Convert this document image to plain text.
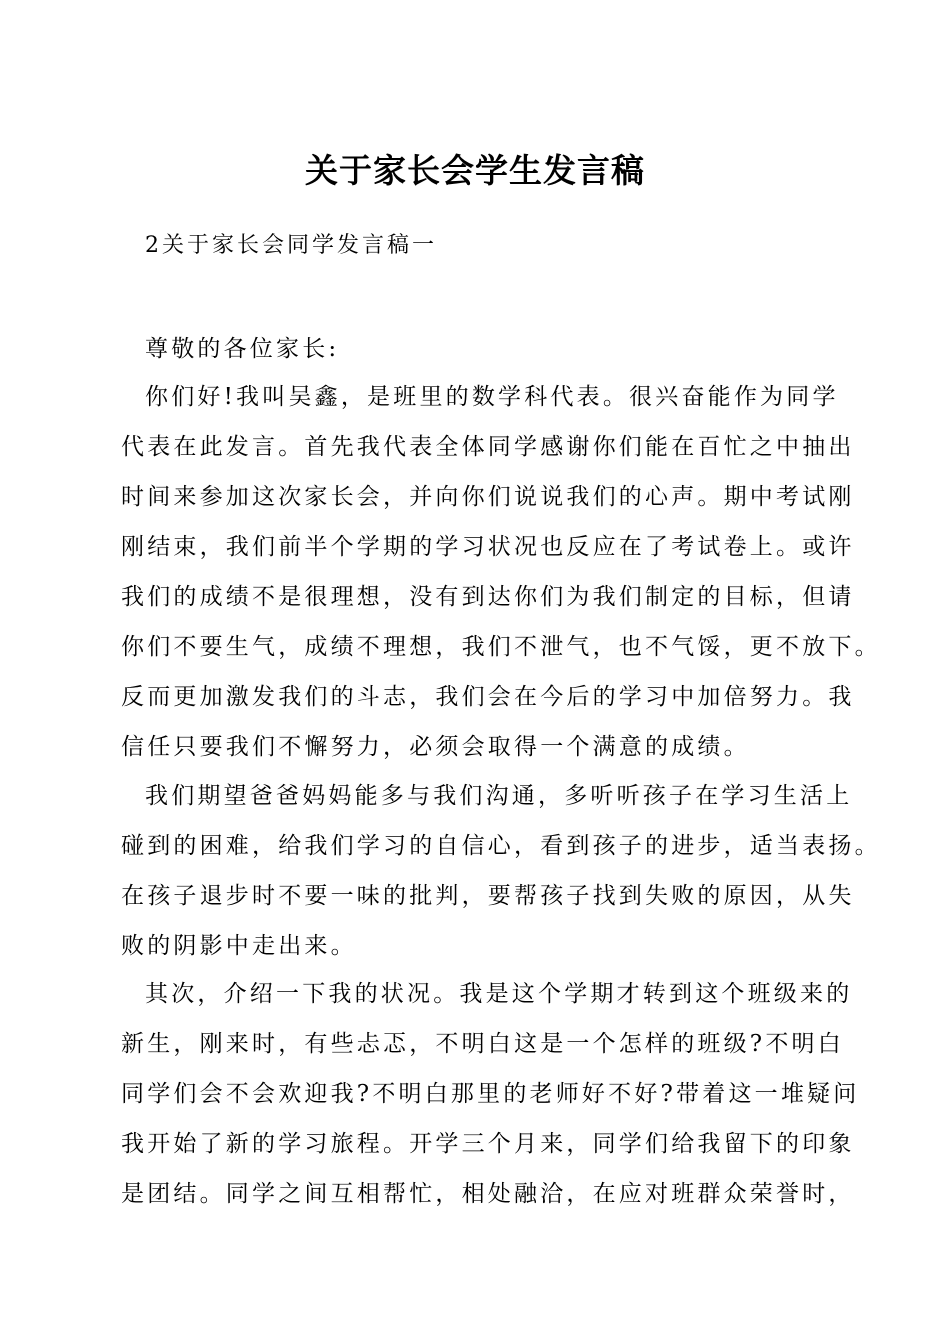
关于家长会学生发言稿
2关于家长会同学发言稿一
尊敬的各位家长:
你们好!我叫吴鑫，是班里的数学科代表。很兴奋能作为同学
代表在此发言。首先我代表全体同学感谢你们能在百忙之中抽出
时间来参加这次家长会，并向你们说说我们的心声。期中考试刚
刚结束，我们前半个学期的学习状况也反应在了考试卷上。或许
我们的成绩不是很理想，没有到达你们为我们制定的目标，但请
你们不要生气，成绩不理想，我们不泄气，也不气馁，更不放下。
反而更加激发我们的斗志，我们会在今后的学习中加倍努力。我
信任只要我们不懈努力，必须会取得一个满意的成绩。
我们期望爸爸妈妈能多与我们沟通，多听听孩子在学习生活上
碰到的困难，给我们学习的自信心，看到孩子的进步，适当表扬。
在孩子退步时不要一味的批判，要帮孩子找到失败的原因，从失
败的阴影中走出来。
其次，介绍一下我的状况。我是这个学期才转到这个班级来的
新生，刚来时，有些忐忑，不明白这是一个怎样的班级?不明白
同学们会不会欢迎我?不明白那里的老师好不好?带着这一堆疑问
我开始了新的学习旅程。开学三个月来，同学们给我留下的印象
是团结。同学之间互相帮忙，相处融洽，在应对班群众荣誉时，
